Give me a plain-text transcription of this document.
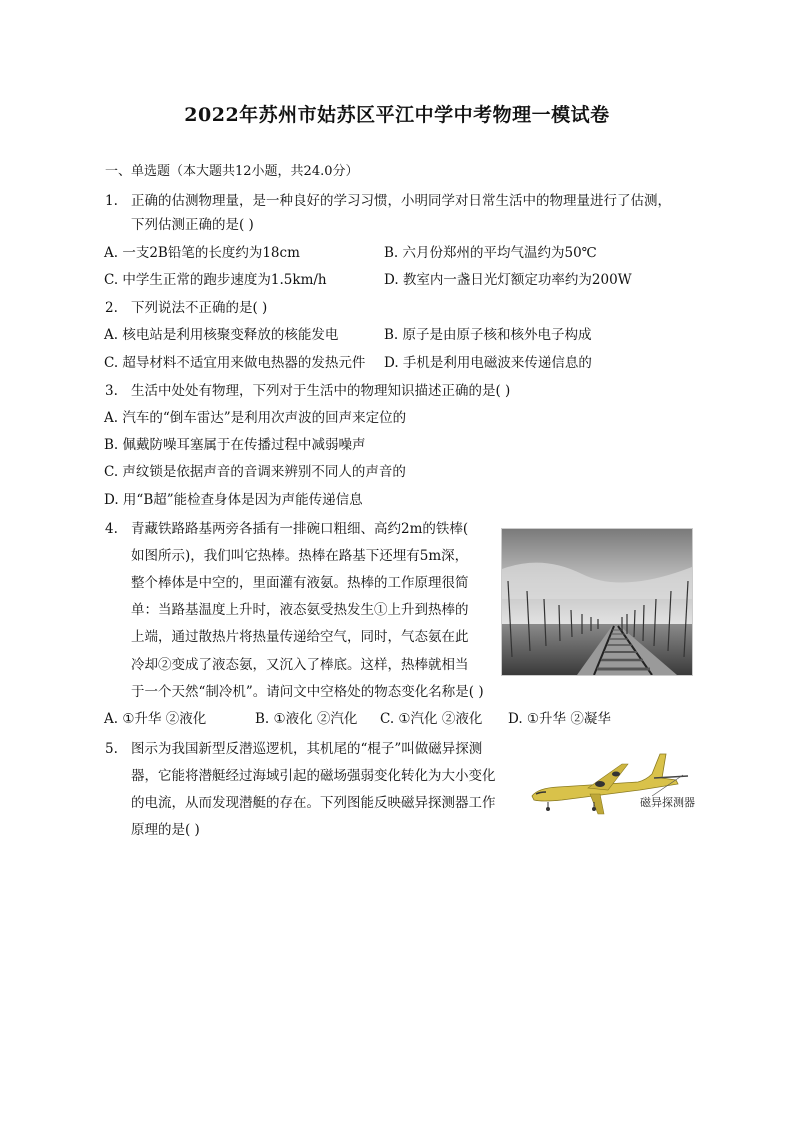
2022年苏州市姑苏区平江中学中考物理一模试卷
一、单选题（本大题共12小题，共24.0分）
1. 正确的估测物理量，是一种良好的学习习惯，小明同学对日常生活中的物理量进行了估测，
下列估测正确的是( )
A. 一支2B铅笔的长度约为18cm	B. 六月份郑州的平均气温约为50℃
C. 中学生正常的跑步速度为1.5km/h	D. 教室内一盏日光灯额定功率约为200W
2. 下列说法不正确的是( )
A. 核电站是利用核聚变释放的核能发电	B. 原子是由原子核和核外电子构成
C. 超导材料不适宜用来做电热器的发热元件 D. 手机是利用电磁波来传递信息的
3. 生活中处处有物理，下列对于生活中的物理知识描述正确的是( )
A. 汽车的“倒车雷达”是利用次声波的回声来定位的
B. 佩戴防噪耳塞属于在传播过程中减弱噪声
C. 声纹锁是依据声音的音调来辨别不同人的声音的
D. 用“B超”能检查身体是因为声能传递信息
4. 青藏铁路路基两旁各插有一排碗口粗细、高约2m的铁棒(
如图所示)，我们叫它热棒。热棒在路基下还埋有5m深，
整个棒体是中空的，里面灌有液氨。热棒的工作原理很简
单：当路基温度上升时，液态氨受热发生①上升到热棒的
上端，通过散热片将热量传递给空气，同时，气态氨在此
冷却②变成了液态氨，又沉入了棒底。这样，热棒就相当
于一个天然“制冷机”。请问文中空格处的物态变化名称是( )
A. ①升华 ②液化	B. ①液化 ②汽化 C. ①汽化 ②液化 D. ①升华 ②凝华
5. 图示为我国新型反潜巡逻机，其机尾的“棍子”叫做磁异探测
器，它能将潜艇经过海域引起的磁场强弱变化转化为大小变化
的电流，从而发现潜艇的存在。下列图能反映磁异探测器工作
原理的是( )
磁异探测器
